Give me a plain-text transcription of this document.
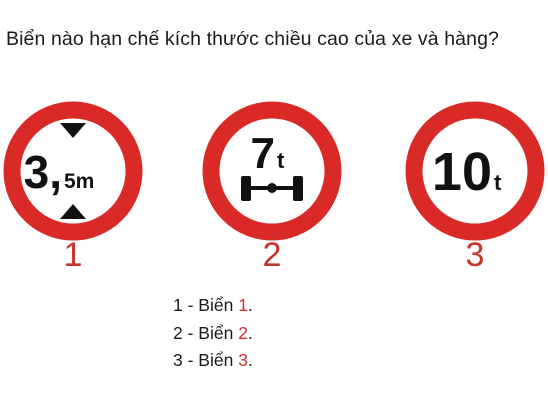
Biển nào hạn chế kích thước chiều cao của xe và hàng?
3, 5m
1
7 t
2
10 t
3
1 - Biển 1.
2 - Biển 2.
3 - Biển 3.
